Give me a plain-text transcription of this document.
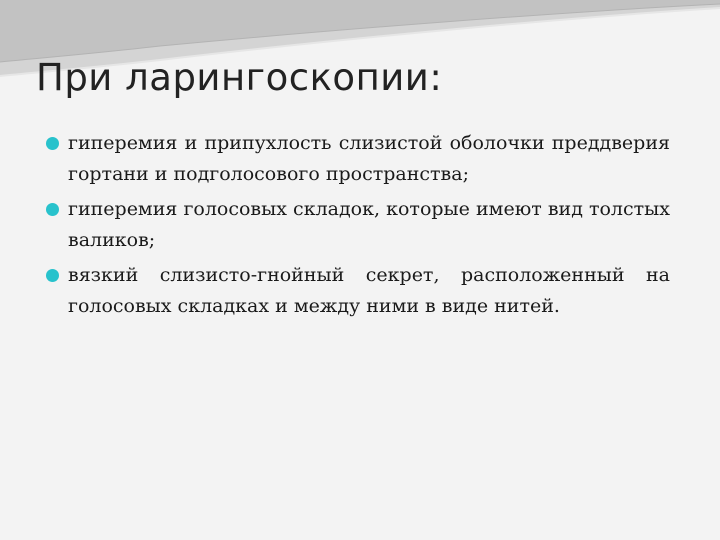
При ларингоскопии:
гиперемия и припухлость слизистой оболочки преддверия гортани и подголосового пространства;
гиперемия голосовых складок, которые имеют вид толстых валиков;
вязкий слизисто-гнойный секрет, расположенный на голосовых складках и между ними в виде нитей.
